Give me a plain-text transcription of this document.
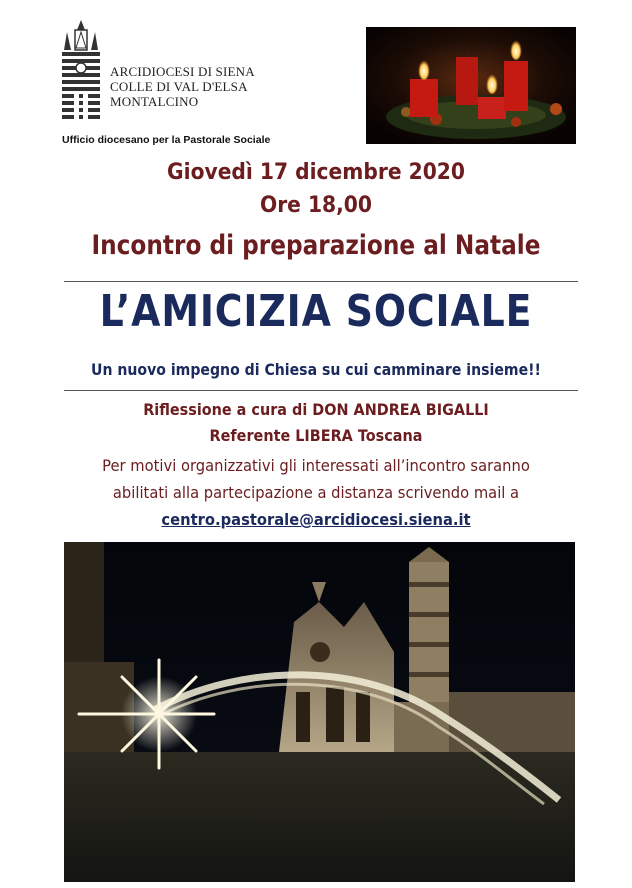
ARCIDIOCESI DI SIENA
COLLE DI VAL D'ELSA
MONTALCINO
Ufficio diocesano per la Pastorale Sociale
Giovedì 17 dicembre 2020
Ore 18,00
Incontro di preparazione al Natale
L’AMICIZIA SOCIALE
Un nuovo impegno di Chiesa su cui camminare insieme!!
Riflessione a cura di DON ANDREA BIGALLI
Referente LIBERA Toscana
Per motivi organizzativi gli interessati all’incontro saranno
abilitati alla partecipazione a distanza scrivendo mail a
centro.pastorale@arcidiocesi.siena.it
